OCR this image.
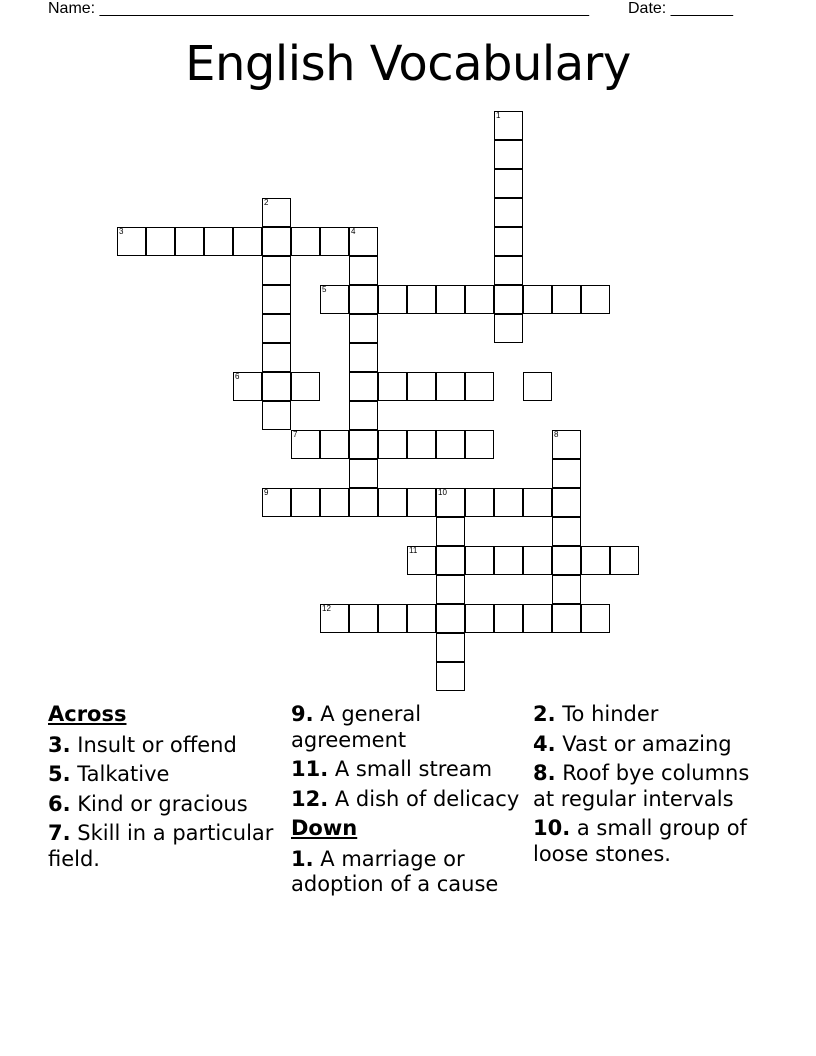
Name: _______________________________________________________ Date: _______
English Vocabulary
1
2
3	4
5
6
7	8
9	10
11
12
Across
3. Insult or offend
5. Talkative
6. Kind or gracious
7. Skill in a particular field.
9. A general agreement
11. A small stream
12. A dish of delicacy
Down
1. A marriage or adoption of a cause
2. To hinder
4. Vast or amazing
8. Roof bye columns at regular intervals
10. a small group of loose stones.
